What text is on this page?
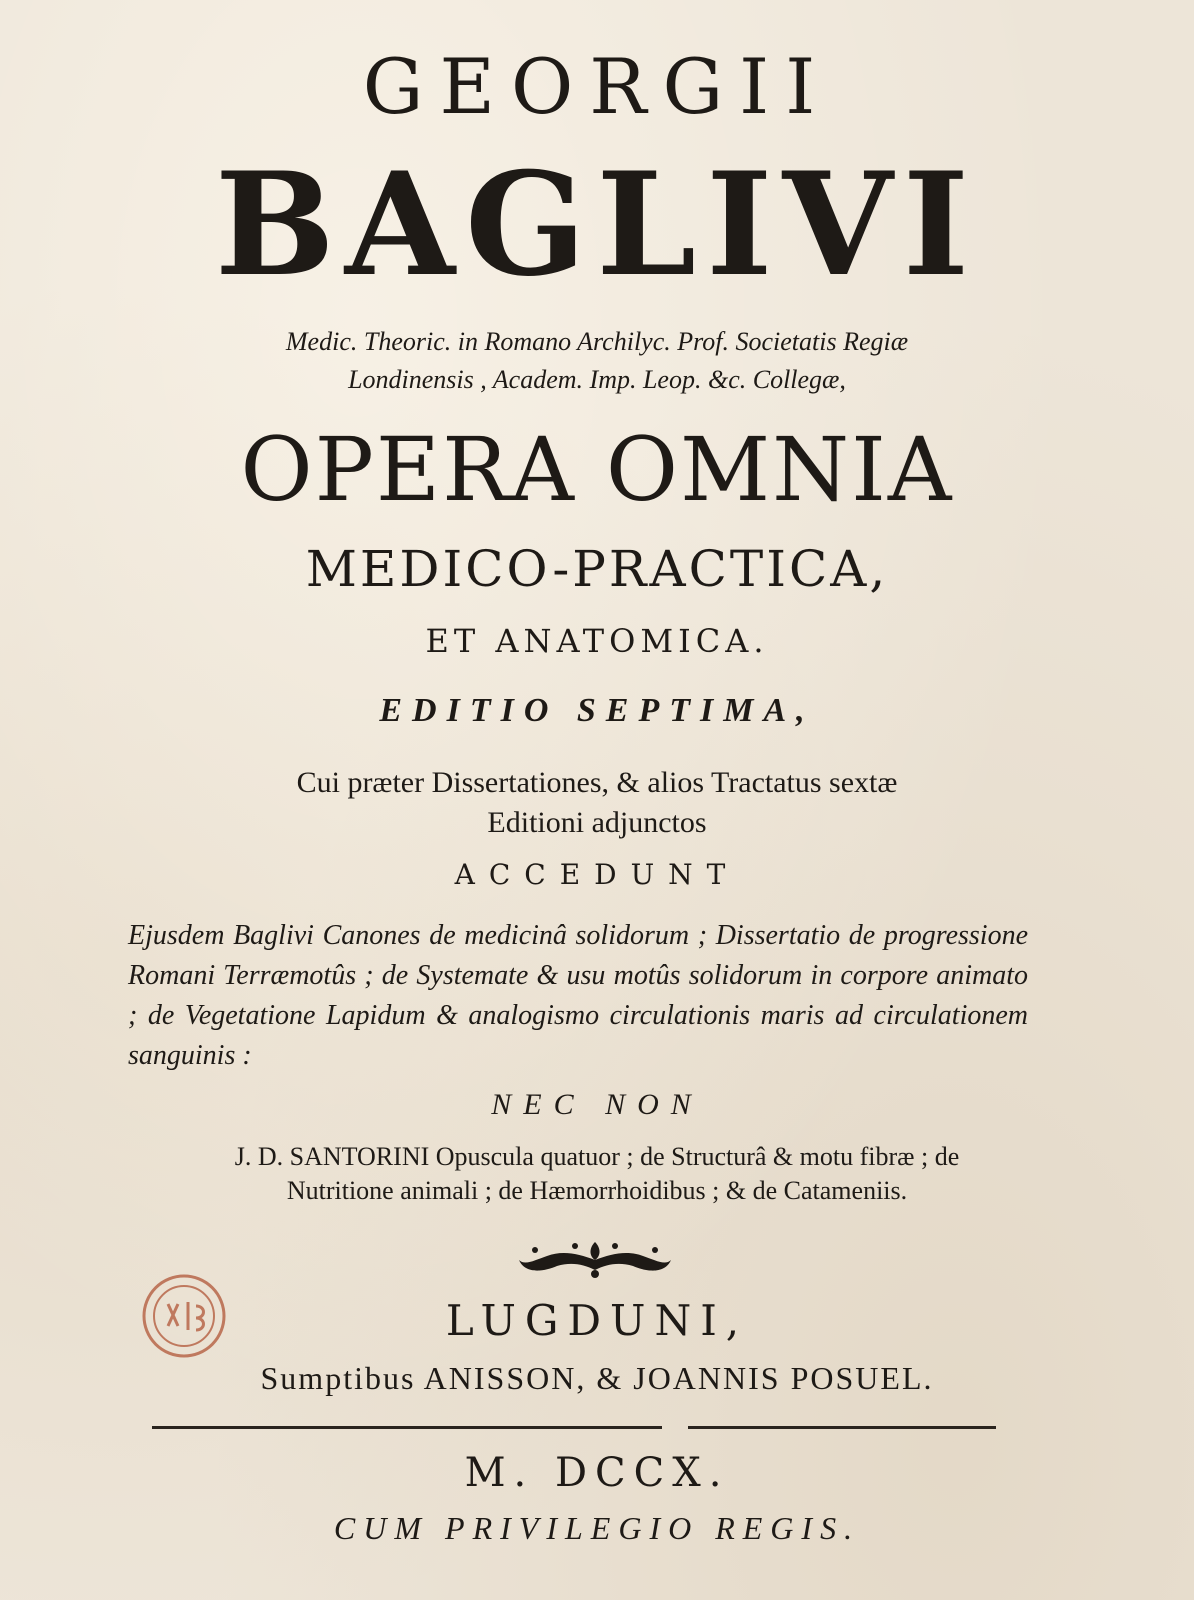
GEORGII
BAGLIVI
Medic. Theoric. in Romano Archilyc. Prof. Societatis Regiæ
Londinensis , Academ. Imp. Leop. &c. Collegæ,
OPERA OMNIA
MEDICO-PRACTICA,
ET ANATOMICA.
EDITIO SEPTIMA,
Cui præter Dissertationes, & alios Tractatus sextæ
Editioni adjunctos
ACCEDUNT
Ejusdem Baglivi Canones de medicinâ solidorum ; Dissertatio de progressione Romani Terræmotûs ; de Systemate & usu motûs solidorum in corpore animato ; de Vegetatione Lapidum & analogismo circulationis maris ad circulationem sanguinis :
NEC NON
J. D. SANTORINI Opuscula quatuor ; de Structurâ & motu fibræ ; de
Nutritione animali ; de Hæmorrhoidibus ; & de Catameniis.
LUGDUNI,
Sumptibus ANISSON, & JOANNIS POSUEL.
M. DCCX.
CUM PRIVILEGIO REGIS.
